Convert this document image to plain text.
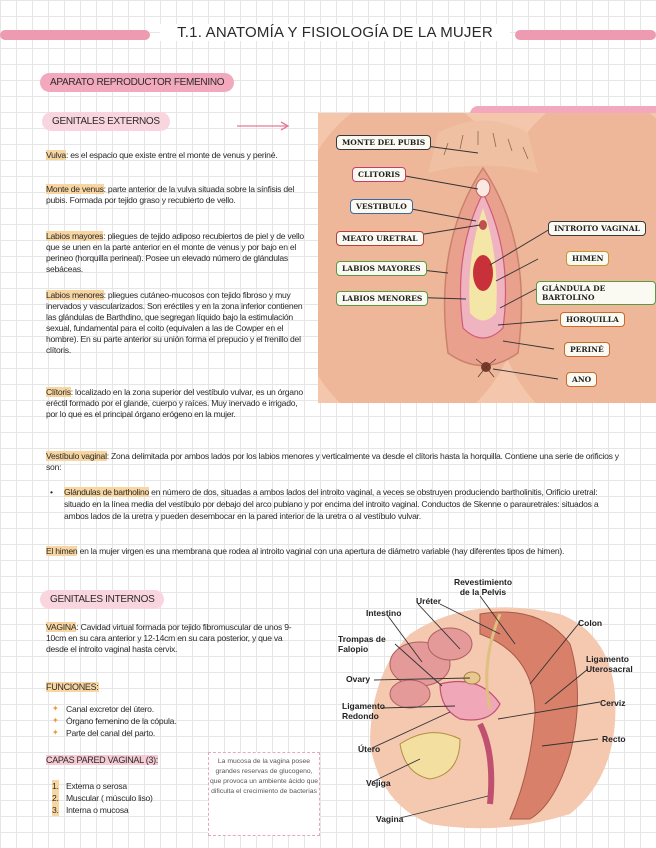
T.1. ANATOMÍA Y FISIOLOGÍA DE LA MUJER
APARATO REPRODUCTOR FEMENINO
GENITALES EXTERNOS

Vulva: es el espacio que existe entre el monte de venus y periné.

Monte de venus: parte anterior de la vulva situada sobre la sínfisis del pubis. Formada por tejido graso y recubierto de vello.

Labios mayores: pliegues de tejido adiposo recubiertos de piel y de vello que se unen en la parte anterior en el monte de venus y por bajo en el perineo (horquilla perineal). Posee un elevado número de glándulas sebáceas.

Labios menores: pliegues cutáneo-mucosos con tejido fibroso y muy inervados y vascularizados. Son eréctiles y en la zona inferior contienen las glándulas de Barthdino, que segregan líquido bajo la estimulación sexual, fundamental para el coito (equivalen a las de Cowper en el hombre). En su parte anterior su unión forma el prepucio y el frenillo del clítoris.

Clítoris: localizado en la zona superior del vestíbulo vulvar, es un órgano eréctil formado por el glande, cuerpo y raíces. Muy inervado e irrigado, por lo que es el principal órgano erógeno en la mujer.

MONTE DEL PUBIS
CLITORIS
VESTIBULO
MEATO URETRAL
LABIOS MAYORES
LABIOS MENORES
INTROITO VAGINAL
HIMEN
GLÁNDULA DE BARTOLINO
HORQUILLA
PERINÉ
ANO

Vestíbulo vaginal: Zona delimitada por ambos lados por los labios menores y verticalmente va desde el clítoris hasta la horquilla. Contiene una serie de orificios y son:

• Glándulas de bartholino en número de dos, situadas a ambos lados del introito vaginal, a veces se obstruyen produciendo bartholinitis, Orificio uretral: situado en la línea media del vestíbulo por debajo del arco pubiano y por encima del introito vaginal. Conductos de Skenne o parauretrales: situados a ambos lados de la uretra y pueden desembocar en la pared interior de la uretra o al vestíbulo vulvar.

El himen en la mujer virgen es una membrana que rodea al introito vaginal con una apertura de diámetro variable (hay diferentes tipos de himen).

GENITALES INTERNOS

VAGINA: Cavidad virtual formada por tejido fibromuscular de unos 9-10cm en su cara anterior y 12-14cm en su cara posterior, y que va desde el introito vaginal hasta cervix.

FUNCIONES:
✦ Canal excretor del útero.
✦ Órgano femenino de la cópula.
✦ Parte del canal del parto.
CAPAS PARED VAGINAL (3):
1. Externa o serosa
2. Muscular ( músculo liso)
3. Interna o mucosa
La mucosa de la vagina posee grandes reservas de glucogeno, que provoca un ambiente ácido que dificulta el crecimiento de bacterias
Revestimiento de la Pelvis
Uréter
Intestino
Colon
Trompas de Falopio
Ligamento Uterosacral
Ovary
Cerviz
Ligamento Redondo
Recto
Útero
Vejiga
Vagina
